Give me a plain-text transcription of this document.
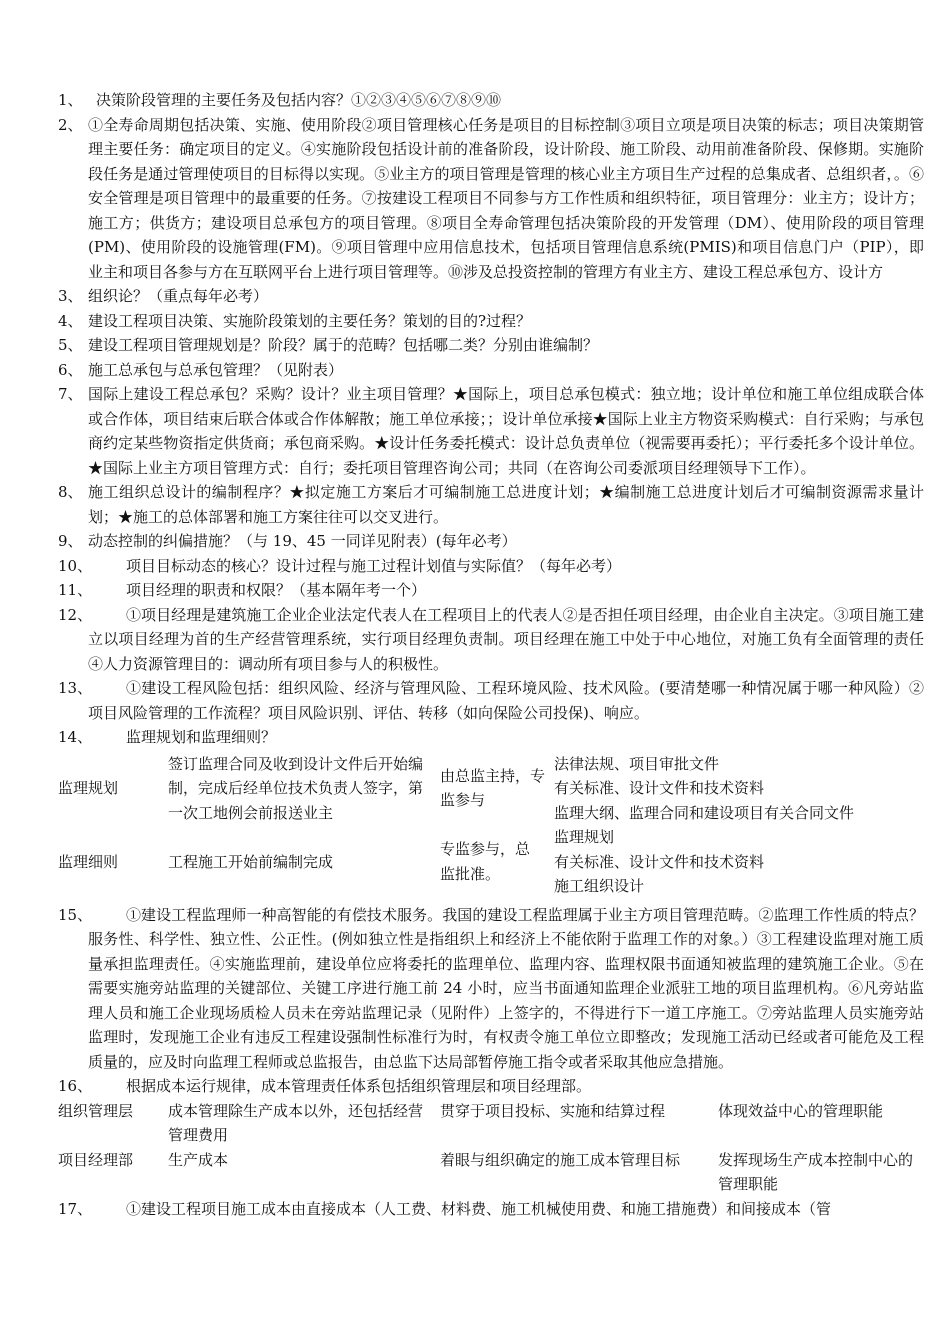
1、 决策阶段管理的主要任务及包括内容？①②③④⑤⑥⑦⑧⑨⑩
2、 ①全寿命周期包括决策、实施、使用阶段②项目管理核心任务是项目的目标控制③项目立项是项目决策的标志；项目决策期管理主要任务：确定项目的定义。④实施阶段包括设计前的准备阶段，设计阶段、施工阶段、动用前准备阶段、保修期。实施阶段任务是通过管理使项目的目标得以实现。⑤业主方的项目管理是管理的核心业主方项目生产过程的总集成者、总组织者，。⑥安全管理是项目管理中的最重要的任务。⑦按建设工程项目不同参与方工作性质和组织特征，项目管理分：业主方；设计方；施工方；供货方；建设项目总承包方的项目管理。⑧项目全寿命管理包括决策阶段的开发管理（DM）、使用阶段的项目管理(PM)、使用阶段的设施管理(FM)。⑨项目管理中应用信息技术，包括项目管理信息系统(PMIS)和项目信息门户（PIP），即业主和项目各参与方在互联网平台上进行项目管理等。⑩涉及总投资控制的管理方有业主方、建设工程总承包方、设计方
3、 组织论？（重点每年必考）
4、 建设工程项目决策、实施阶段策划的主要任务？策划的目的?过程？
5、 建设工程项目管理规划是？阶段？属于的范畴？包括哪二类？分别由谁编制？
6、 施工总承包与总承包管理？（见附表）
7、 国际上建设工程总承包？采购？设计？业主项目管理？★国际上，项目总承包模式：独立地；设计单位和施工单位组成联合体或合作体，项目结束后联合体或合作体解散；施工单位承接；；设计单位承接★国际上业主方物资采购模式：自行采购；与承包商约定某些物资指定供货商；承包商采购。★设计任务委托模式：设计总负责单位（视需要再委托）；平行委托多个设计单位。★国际上业主方项目管理方式：自行；委托项目管理咨询公司；共同（在咨询公司委派项目经理领导下工作）。
8、 施工组织总设计的编制程序？★拟定施工方案后才可编制施工总进度计划；★编制施工总进度计划后才可编制资源需求量计划；★施工的总体部署和施工方案往往可以交叉进行。
9、 动态控制的纠偏措施？（与 19、45 一同详见附表）(每年必考）
10、 项目目标动态的核心？设计过程与施工过程计划值与实际值？（每年必考）
11、 项目经理的职责和权限？（基本隔年考一个）
12、 ①项目经理是建筑施工企业企业法定代表人在工程项目上的代表人②是否担任项目经理，由企业自主决定。③项目施工建立以项目经理为首的生产经营管理系统，实行项目经理负责制。项目经理在施工中处于中心地位，对施工负有全面管理的责任④人力资源管理目的：调动所有项目参与人的积极性。
13、 ①建设工程风险包括：组织风险、经济与管理风险、工程环境风险、技术风险。(要清楚哪一种情况属于哪一种风险）②项目风险管理的工作流程？项目风险识别、评估、转移（如向保险公司投保)、响应。
14、 监理规划和监理细则？
监理规划	签订监理合同及收到设计文件后开始编制，完成后经单位技术负责人签字，第一次工地例会前报送业主	由总监主持，专监参与	法律法规、项目审批文件
有关标准、设计文件和技术资料
监理大纲、监理合同和建设项目有关合同文件

监理细则	工程施工开始前编制完成	专监参与，总监批准。	监理规划
有关标准、设计文件和技术资料
施工组织设计
15、 ①建设工程监理师一种高智能的有偿技术服务。我国的建设工程监理属于业主方项目管理范畴。②监理工作性质的特点？服务性、科学性、独立性、公正性。(例如独立性是指组织上和经济上不能依附于监理工作的对象。）③工程建设监理对施工质量承担监理责任。④实施监理前，建设单位应将委托的监理单位、监理内容、监理权限书面通知被监理的建筑施工企业。⑤在需要实施旁站监理的关键部位、关键工序进行施工前 24 小时，应当书面通知监理企业派驻工地的项目监理机构。⑥凡旁站监理人员和施工企业现场质检人员未在旁站监理记录（见附件）上签字的，不得进行下一道工序施工。⑦旁站监理人员实施旁站监理时，发现施工企业有违反工程建设强制性标准行为时，有权责令施工单位立即整改；发现施工活动已经或者可能危及工程质量的，应及时向监理工程师或总监报告，由总监下达局部暂停施工指令或者采取其他应急措施。
16、 根据成本运行规律，成本管理责任体系包括组织管理层和项目经理部。
组织管理层	成本管理除生产成本以外，还包括经营管理费用	贯穿于项目投标、实施和结算过程	体现效益中心的管理职能
项目经理部	生产成本	着眼与组织确定的施工成本管理目标	发挥现场生产成本控制中心的管理职能
17、 ①建设工程项目施工成本由直接成本（人工费、材料费、施工机械使用费、和施工措施费）和间接成本（管
